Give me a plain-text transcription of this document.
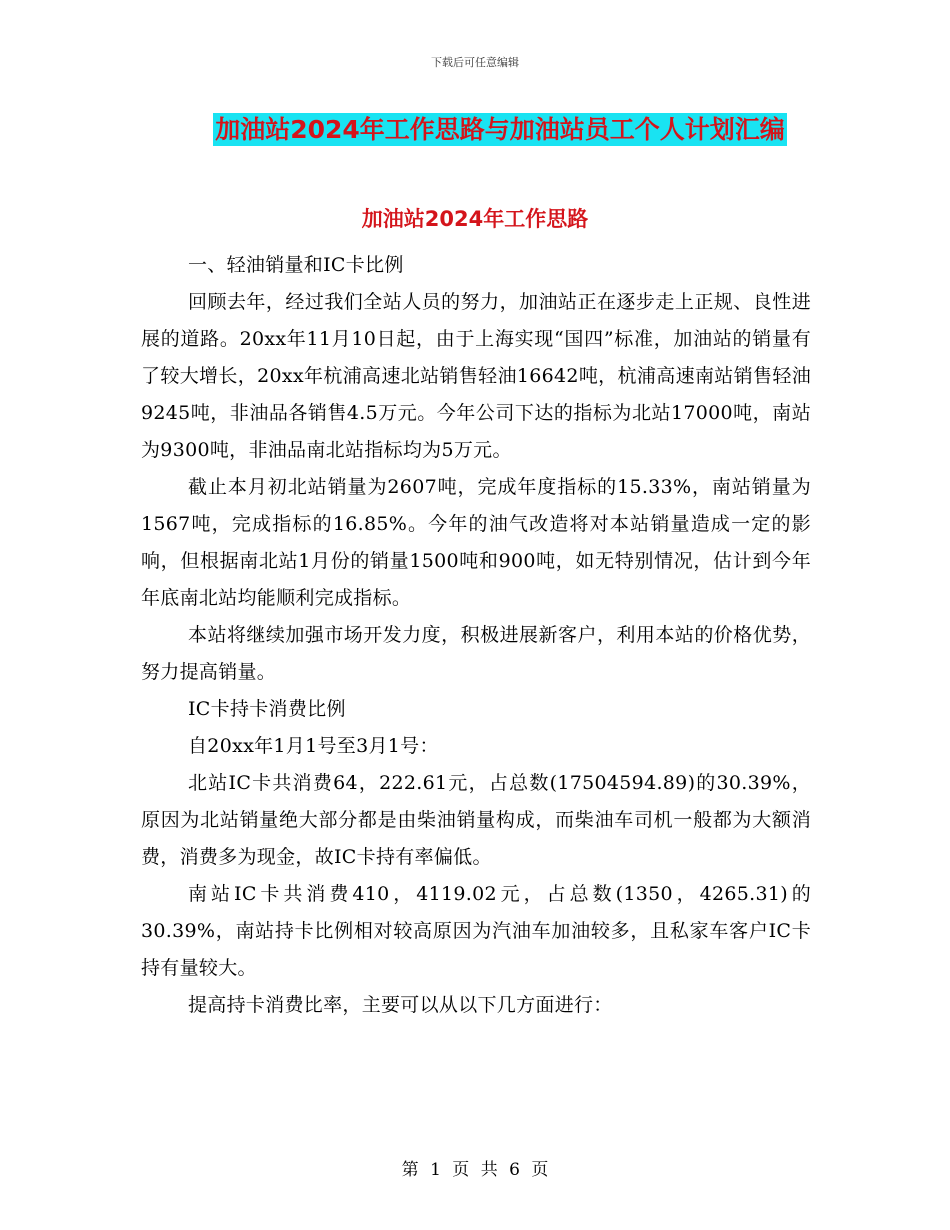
下载后可任意编辑
加油站2024年工作思路与加油站员工个人计划汇编
加油站2024年工作思路

一、轻油销量和IC卡比例

回顾去年，经过我们全站人员的努力，加油站正在逐步走上正规、良性进展的道路。20xx年11月10日起，由于上海实现“国四”标准，加油站的销量有了较大增长，20xx年杭浦高速北站销售轻油16642吨，杭浦高速南站销售轻油9245吨，非油品各销售4.5万元。今年公司下达的指标为北站17000吨，南站为9300吨，非油品南北站指标均为5万元。

截止本月初北站销量为2607吨，完成年度指标的15.33%，南站销量为1567吨，完成指标的16.85%。今年的油气改造将对本站销量造成一定的影响，但根据南北站1月份的销量1500吨和900吨，如无特别情况，估计到今年年底南北站均能顺利完成指标。

本站将继续加强市场开发力度，积极进展新客户，利用本站的价格优势，努力提高销量。

IC卡持卡消费比例

自20xx年1月1号至3月1号：

北站IC卡共消费64，222.61元，占总数(17504594.89)的30.39%，原因为北站销量绝大部分都是由柴油销量构成，而柴油车司机一般都为大额消费，消费多为现金，故IC卡持有率偏低。

南站IC卡共消费410，4119.02元，占总数(1350，4265.31)的30.39%，南站持卡比例相对较高原因为汽油车加油较多，且私家车客户IC卡持有量较大。

提高持卡消费比率，主要可以从以下几方面进行：

第 1 页 共 6 页
